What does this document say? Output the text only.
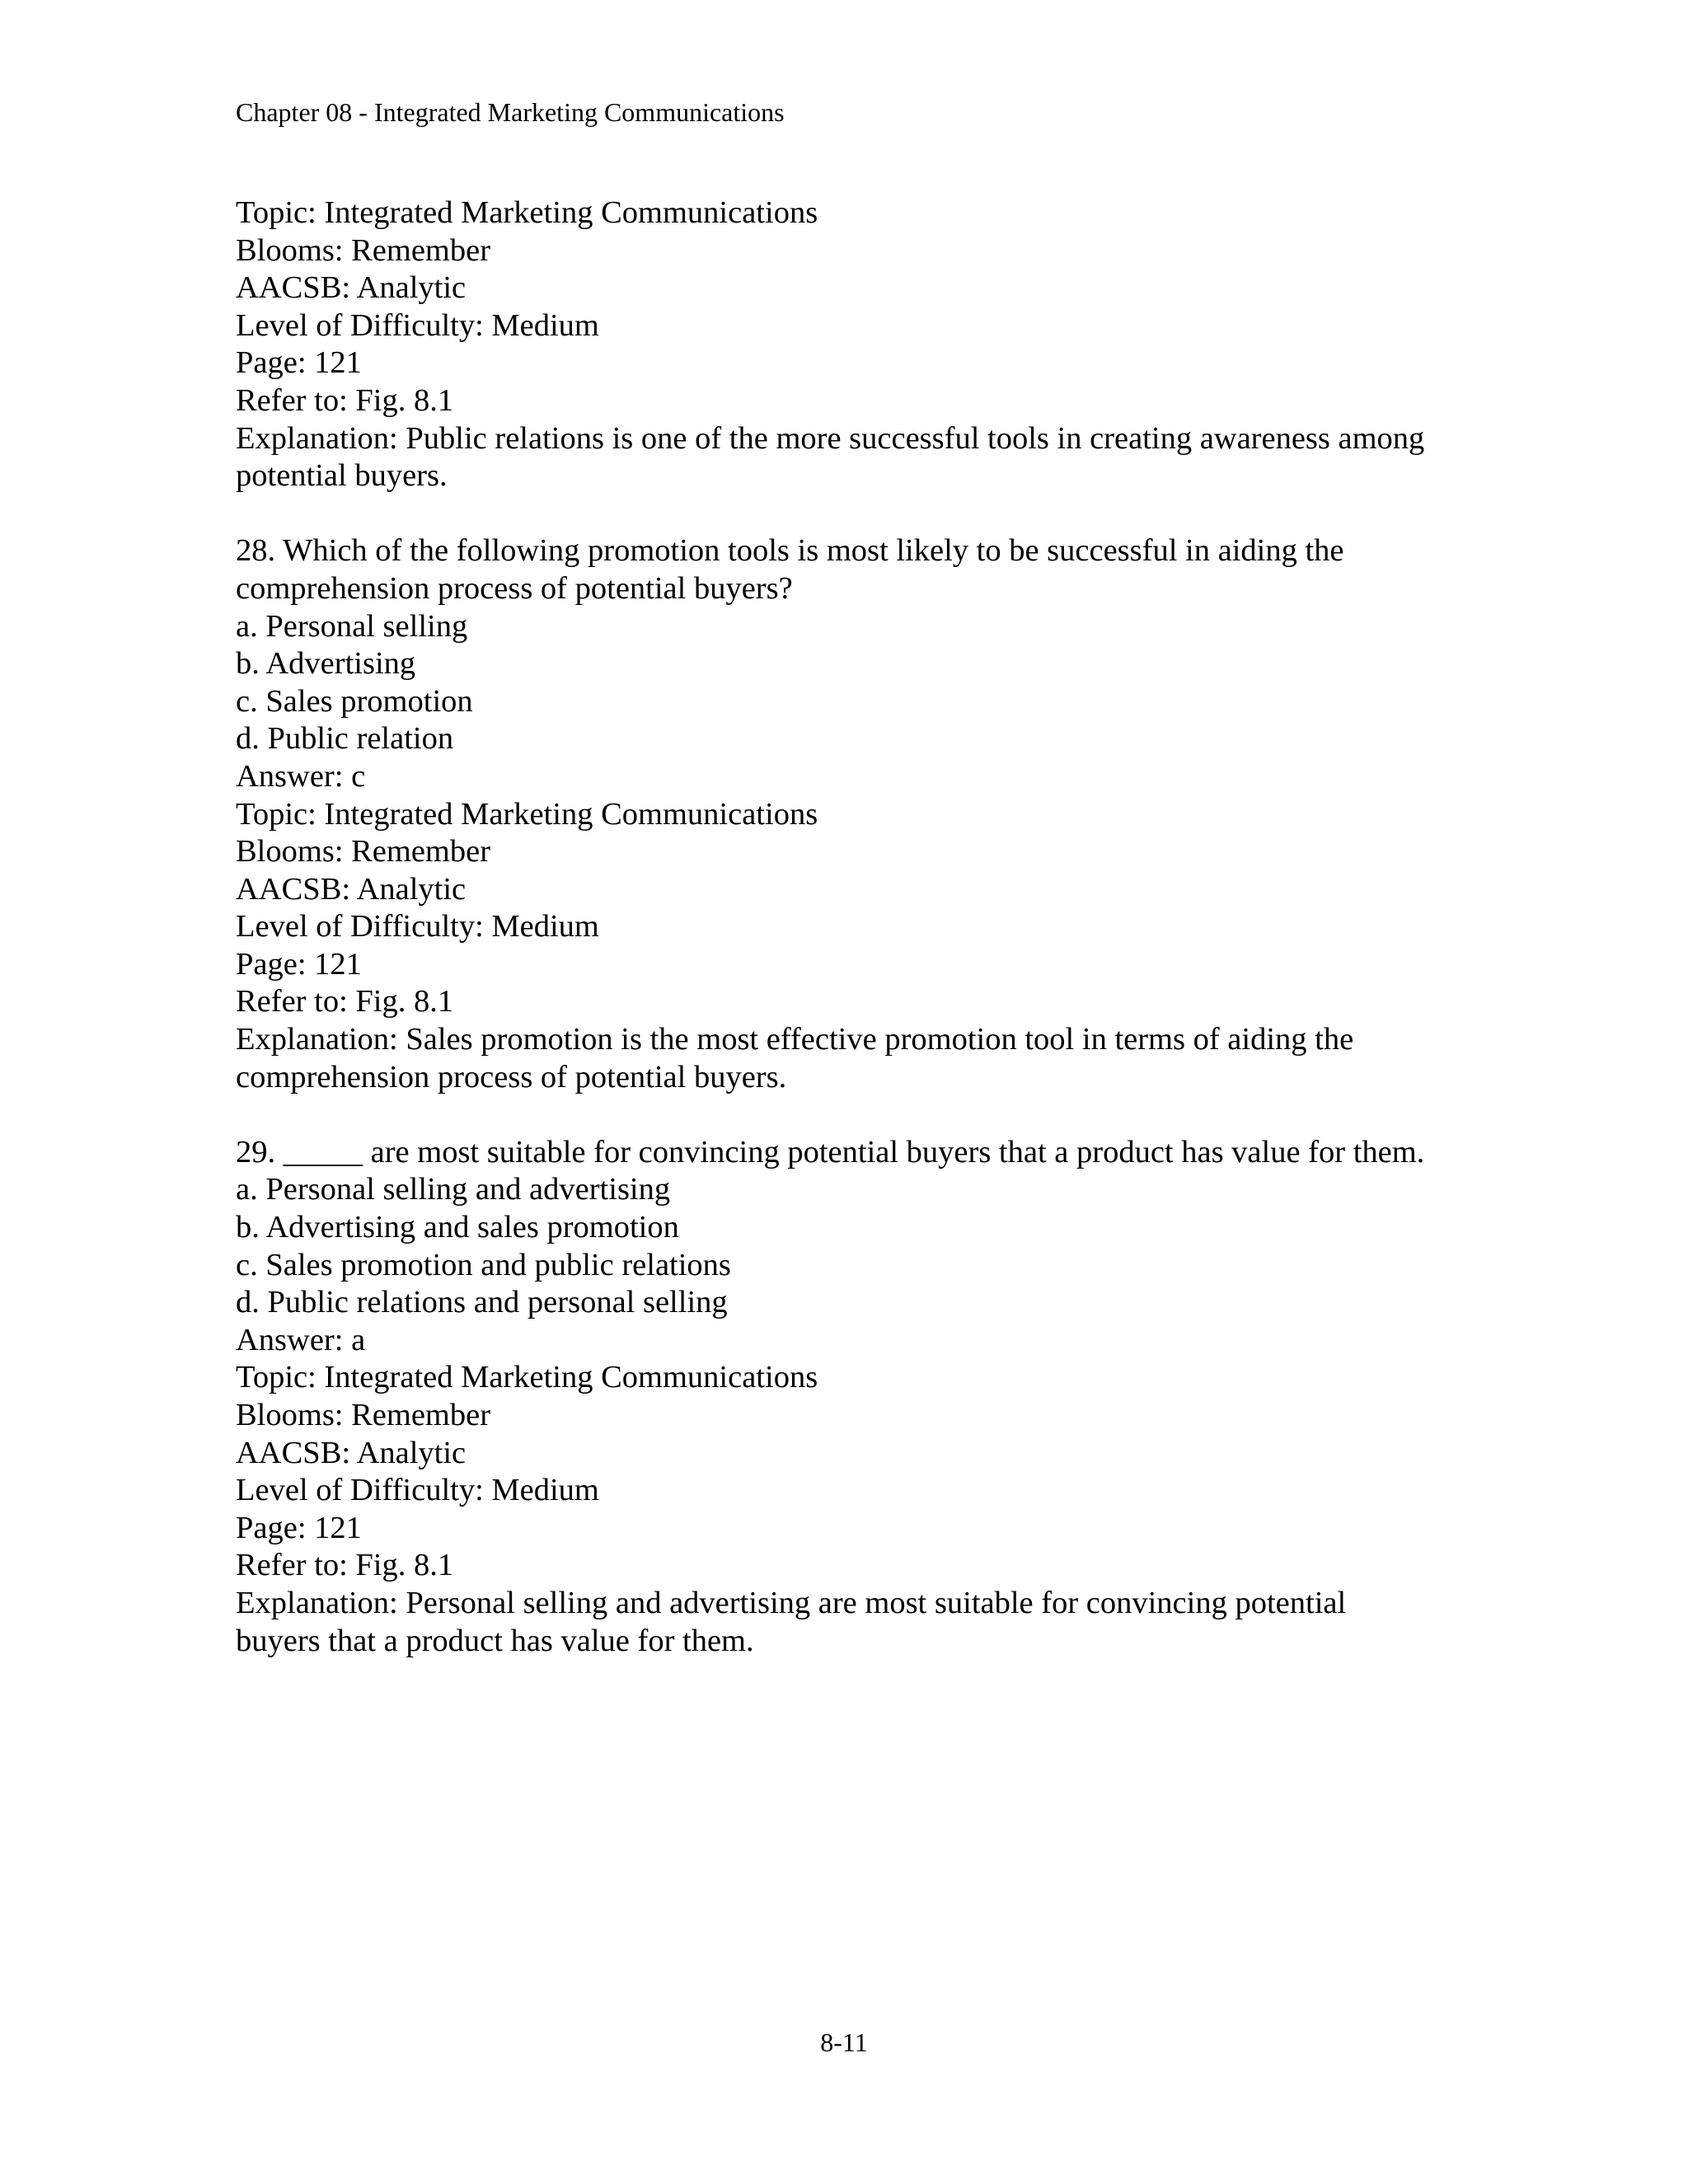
Chapter 08 - Integrated Marketing Communications
Topic: Integrated Marketing Communications
Blooms: Remember
AACSB: Analytic
Level of Difficulty: Medium
Page: 121
Refer to: Fig. 8.1
Explanation: Public relations is one of the more successful tools in creating awareness among
potential buyers.
28. Which of the following promotion tools is most likely to be successful in aiding the
comprehension process of potential buyers?
a. Personal selling
b. Advertising
c. Sales promotion
d. Public relation
Answer: c
Topic: Integrated Marketing Communications
Blooms: Remember
AACSB: Analytic
Level of Difficulty: Medium
Page: 121
Refer to: Fig. 8.1
Explanation: Sales promotion is the most effective promotion tool in terms of aiding the
comprehension process of potential buyers.
29. _____ are most suitable for convincing potential buyers that a product has value for them.
a. Personal selling and advertising
b. Advertising and sales promotion
c. Sales promotion and public relations
d. Public relations and personal selling
Answer: a
Topic: Integrated Marketing Communications
Blooms: Remember
AACSB: Analytic
Level of Difficulty: Medium
Page: 121
Refer to: Fig. 8.1
Explanation: Personal selling and advertising are most suitable for convincing potential
buyers that a product has value for them.
8-11
